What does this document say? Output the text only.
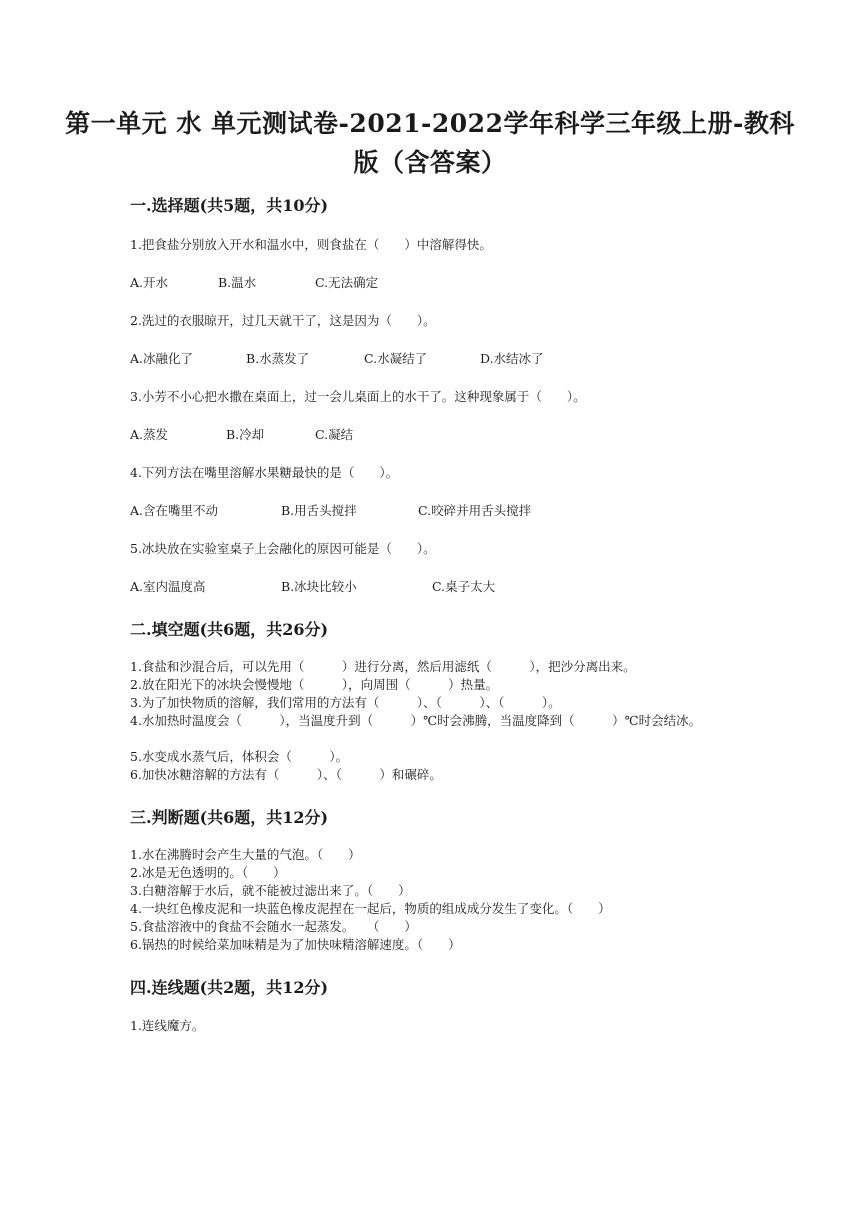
第一单元 水 单元测试卷-2021-2022学年科学三年级上册-教科版（含答案）
一.选择题(共5题，共10分)
1.把食盐分别放入开水和温水中，则食盐在（　　）中溶解得快。
A.开水	B.温水	C.无法确定
2.洗过的衣服晾开，过几天就干了，这是因为（　　）。
A.冰融化了	B.水蒸发了	C.水凝结了	D.水结冰了
3.小芳不小心把水撒在桌面上，过一会儿桌面上的水干了。这种现象属于（　　）。
A.蒸发	B.冷却	C.凝结
4.下列方法在嘴里溶解水果糖最快的是（　　）。
A.含在嘴里不动	B.用舌头搅拌	C.咬碎并用舌头搅拌
5.冰块放在实验室桌子上会融化的原因可能是（　　）。
A.室内温度高	B.冰块比较小	C.桌子太大
二.填空题(共6题，共26分)
1.食盐和沙混合后，可以先用（　　　）进行分离，然后用滤纸（　　　），把沙分离出来。
2.放在阳光下的冰块会慢慢地（　　　），向周围（　　　）热量。
3.为了加快物质的溶解，我们常用的方法有（　　　）、（　　　）、（　　　）。
4.水加热时温度会（　　　），当温度升到（　　　）℃时会沸腾，当温度降到（　　　）℃时会结冰。
5.水变成水蒸气后，体积会（　　　）。
6.加快冰糖溶解的方法有（　　　）、（　　　）和碾碎。
三.判断题(共6题，共12分)
1.水在沸腾时会产生大量的气泡。（　　）
2.冰是无色透明的。（　　）
3.白糖溶解于水后，就不能被过滤出来了。（　　）
4.一块红色橡皮泥和一块蓝色橡皮泥捏在一起后，物质的组成成分发生了变化。（　　）
5.食盐溶液中的食盐不会随水一起蒸发。　　（　　）
6.锅热的时候给菜加味精是为了加快味精溶解速度。（　　）
四.连线题(共2题，共12分)
1.连线魔方。
